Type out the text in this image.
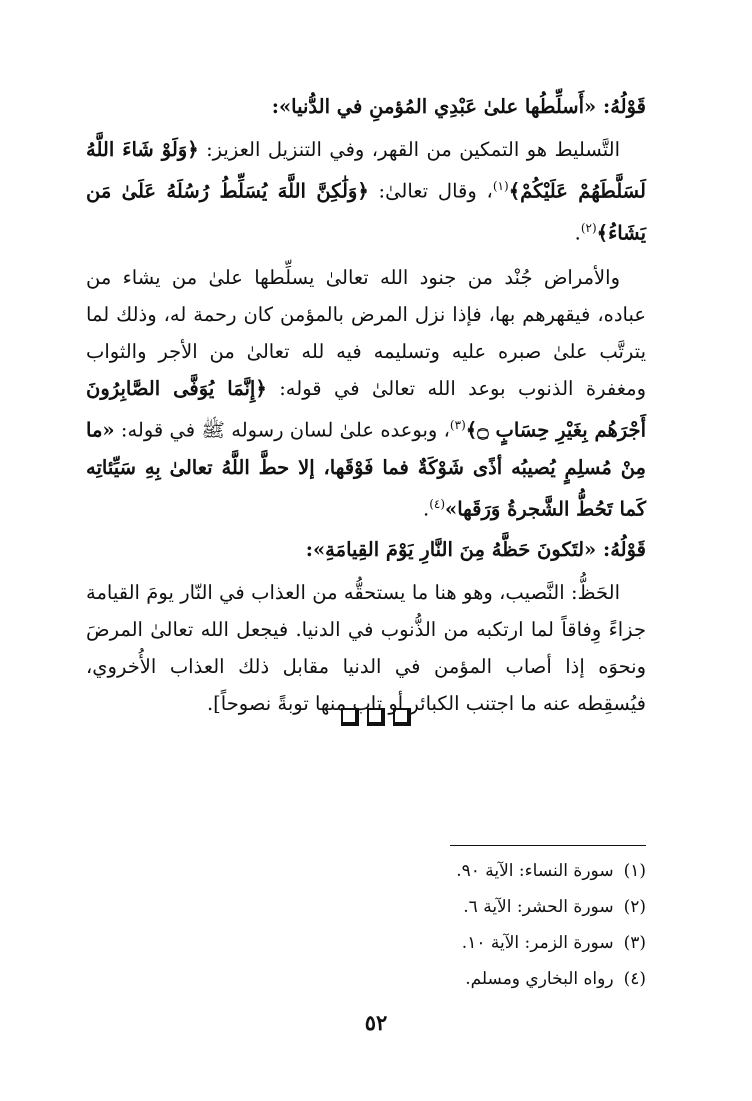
قَوْلُهُ: «أَسلِّطُها علىٰ عَبْدِي المُؤمنِ في الدُّنيا»:
التَّسليط هو التمكين من القهر، وفي التنزيل العزيز: ﴿وَلَوْ شَاءَ اللَّهُ لَسَلَّطَهُمْ عَلَيْكُمْ﴾$^{(١)}$، وقال تعالىٰ: ﴿وَلَٰكِنَّ اللَّهَ يُسَلِّطُ رُسُلَهُ عَلَىٰ مَن يَشَاءُ﴾$^{(٢)}$.
والأمراض جُنْد من جنود الله تعالىٰ يسلِّطها علىٰ من يشاء من عباده، فيقهرهم بها، فإذا نزل المرض بالمؤمن كان رحمة له، وذلك لما يترتَّب علىٰ صبره عليه وتسليمه فيه لله تعالىٰ من الأجر والثواب ومغفرة الذنوب بوعد الله تعالىٰ في قوله: ﴿إِنَّمَا يُوَفَّى الصَّابِرُونَ أَجْرَهُم بِغَيْرِ حِسَابٍ ۝﴾$^{(٣)}$، وبوعده علىٰ لسان رسوله ﷺ في قوله: «ما مِنْ مُسلِمٍ يُصيبُه أذًى شَوْكَةٌ فما فَوْقَها، إلا حطَّ اللَّهُ تعالىٰ بِهِ سَيِّئاتِه كَما تَحُطُّ الشَّجرةُ وَرَقَها»$^{(٤)}$.
قَوْلُهُ: «لتَكونَ حَظَّهُ مِنَ النَّارِ يَوْمَ القِيامَةِ»:
الحَظُّ: النَّصيب، وهو هنا ما يستحقُّه من العذاب في النّار يومَ القيامة جزاءً وِفاقاً لما ارتكبه من الذُّنوب في الدنيا. فيجعل الله تعالىٰ المرضَ ونحوَه إذا أصاب المؤمن في الدنيا مقابل ذلك العذاب الأُخروي، فيُسقِطه عنه ما اجتنب الكبائر أو تاب منها توبةً نصوحاً].
(١)
سورة النساء: الآية ٩٠.
(٢)
سورة الحشر: الآية ٦.
(٣)
سورة الزمر: الآية ١٠.
(٤)
رواه البخاري ومسلم.
٥٢
